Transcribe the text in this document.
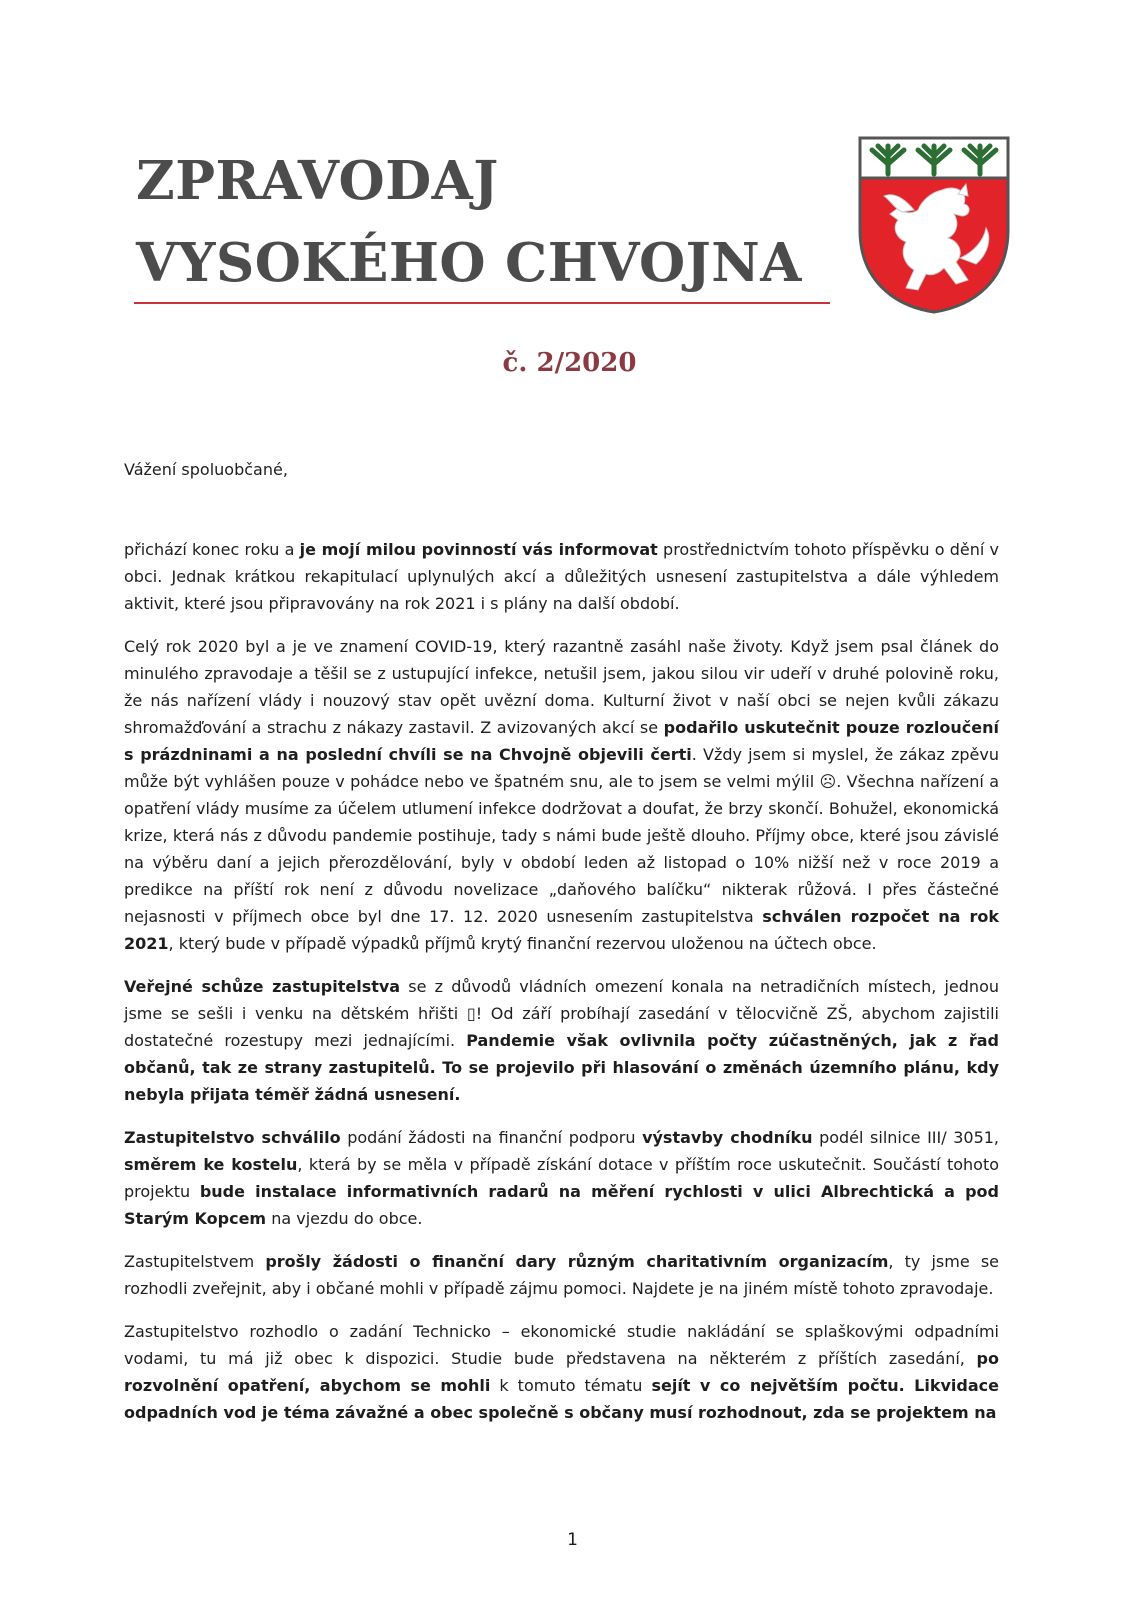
ZPRAVODAJ
VYSOKÉHO CHVOJNA
č. 2/2020

Vážení spoluobčané,

přichází konec roku a je mojí milou povinností vás informovat prostřednictvím tohoto příspěvku o dění v obci. Jednak krátkou rekapitulací uplynulých akcí a důležitých usnesení zastupitelstva a dále výhledem aktivit, které jsou připravovány na rok 2021 i s plány na další období.

Celý rok 2020 byl a je ve znamení COVID-19, který razantně zasáhl naše životy. Když jsem psal článek do minulého zpravodaje a těšil se z ustupující infekce, netušil jsem, jakou silou vir udeří v druhé polovině roku, že nás nařízení vlády i nouzový stav opět uvězní doma. Kulturní život v naší obci se nejen kvůli zákazu shromažďování a strachu z nákazy zastavil. Z avizovaných akcí se podařilo uskutečnit pouze rozloučení s prázdninami a na poslední chvíli se na Chvojně objevili čerti. Vždy jsem si myslel, že zákaz zpěvu může být vyhlášen pouze v pohádce nebo ve špatném snu, ale to jsem se velmi mýlil ☹. Všechna nařízení a opatření vlády musíme za účelem utlumení infekce dodržovat a doufat, že brzy skončí. Bohužel, ekonomická krize, která nás z důvodu pandemie postihuje, tady s námi bude ještě dlouho. Příjmy obce, které jsou závislé na výběru daní a jejich přerozdělování, byly v období leden až listopad o 10% nižší než v roce 2019 a predikce na příští rok není z důvodu novelizace „daňového balíčku“ nikterak růžová. I přes částečné nejasnosti v příjmech obce byl dne 17. 12. 2020 usnesením zastupitelstva schválen rozpočet na rok 2021, který bude v případě výpadků příjmů krytý finanční rezervou uloženou na účtech obce.

Veřejné schůze zastupitelstva se z důvodů vládních omezení konala na netradičních místech, jednou jsme se sešli i venku na dětském hřišti ▯! Od září probíhají zasedání v tělocvičně ZŠ, abychom zajistili dostatečné rozestupy mezi jednajícími. Pandemie však ovlivnila počty zúčastněných, jak z řad občanů, tak ze strany zastupitelů. To se projevilo při hlasování o změnách územního plánu, kdy nebyla přijata téměř žádná usnesení.

Zastupitelstvo schválilo podání žádosti na finanční podporu výstavby chodníku podél silnice III/ 3051, směrem ke kostelu, která by se měla v případě získání dotace v příštím roce uskutečnit. Součástí tohoto projektu bude instalace informativních radarů na měření rychlosti v ulici Albrechtická a pod Starým Kopcem na vjezdu do obce.

Zastupitelstvem prošly žádosti o finanční dary různým charitativním organizacím, ty jsme se rozhodli zveřejnit, aby i občané mohli v případě zájmu pomoci. Najdete je na jiném místě tohoto zpravodaje.

Zastupitelstvo rozhodlo o zadání Technicko – ekonomické studie nakládání se splaškovými odpadními vodami, tu má již obec k dispozici. Studie bude představena na některém z příštích zasedání, po rozvolnění opatření, abychom se mohli k tomuto tématu sejít v co největším počtu. Likvidace odpadních vod je téma závažné a obec společně s občany musí rozhodnout, zda se projektem na

1
